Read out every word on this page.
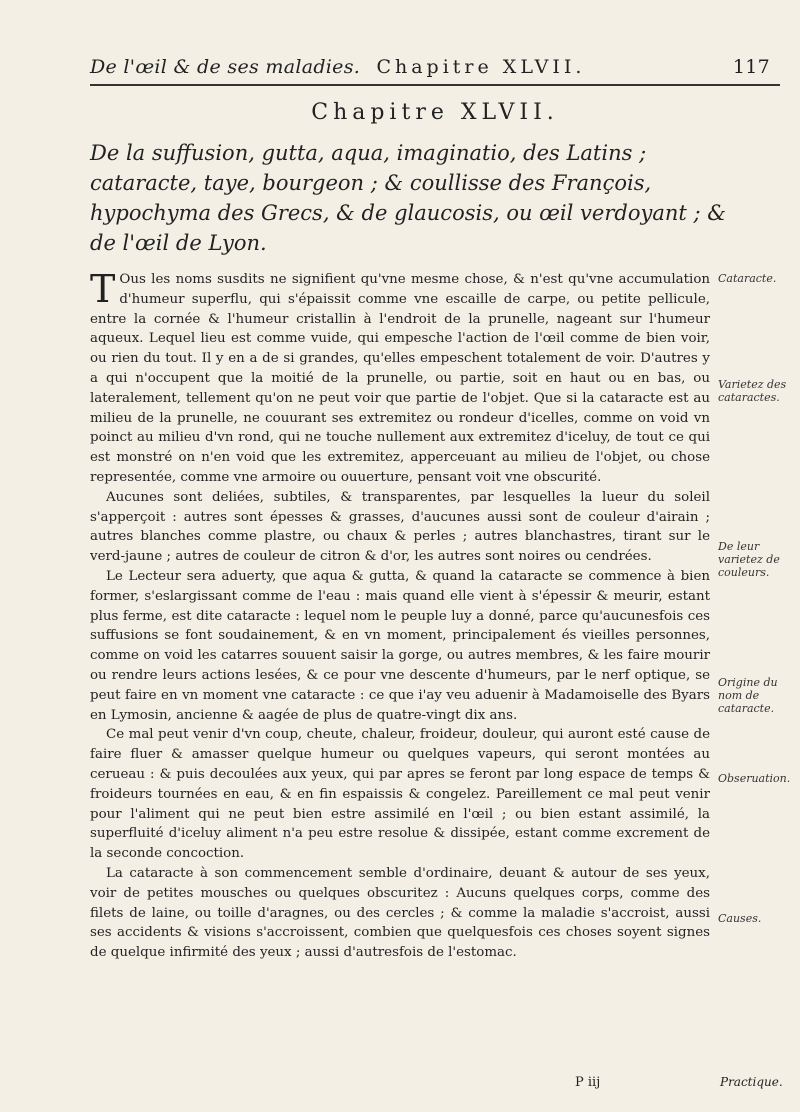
De l'œil & de ses maladies. Chapitre XLVII.	117
Chapitre XLVII.
De la suffusion, gutta, aqua, imaginatio, des Latins ; cataracte, taye, bourgeon ; & coullisse des François, hypochyma des Grecs, & de glaucosis, ou œil verdoyant ; & de l'œil de Lyon.

T Ous les noms susdits ne signifient qu'vne mesme chose, & n'est qu'vne accumulation d'humeur superflu, qui s'épaissit comme vne escaille de carpe, ou petite pellicule, entre la cornée & l'humeur cristallin à l'endroit de la prunelle, nageant sur l'humeur aqueux. Lequel lieu est comme vuide, qui empesche l'action de l'œil comme de bien voir, ou rien du tout. Il y en a de si grandes, qu'elles empeschent totalement de voir. D'autres y a qui n'occupent que la moitié de la prunelle, ou partie, soit en haut ou en bas, ou lateralement, tellement qu'on ne peut voir que partie de l'objet. Que si la cataracte est au milieu de la prunelle, ne couurant ses extremitez ou rondeur d'icelles, comme on void vn poinct au milieu d'vn rond, qui ne touche nullement aux extremitez d'iceluy, de tout ce qui est monstré on n'en void que les extremitez, apperceuant au milieu de l'objet, ou chose representée, comme vne armoire ou ouuerture, pensant voit vne obscurité.

Aucunes sont deliées, subtiles, & transparentes, par lesquelles la lueur du soleil s'apperçoit : autres sont épesses & grasses, d'aucunes aussi sont de couleur d'airain ; autres blanches comme plastre, ou chaux & perles ; autres blanchastres, tirant sur le verd-jaune ; autres de couleur de citron & d'or, les autres sont noires ou cendrées.

Le Lecteur sera aduerty, que aqua & gutta, & quand la cataracte se commence à bien former, s'eslargissant comme de l'eau : mais quand elle vient à s'épessir & meurir, estant plus ferme, est dite cataracte : lequel nom le peuple luy a donné, parce qu'aucunesfois ces suffusions se font soudainement, & en vn moment, principalement és vieilles personnes, comme on void les catarres souuent saisir la gorge, ou autres membres, & les faire mourir ou rendre leurs actions lesées, & ce pour vne descente d'humeurs, par le nerf optique, se peut faire en vn moment vne cataracte : ce que i'ay veu aduenir à Madamoiselle des Byars en Lymosin, ancienne & aagée de plus de quatre-vingt dix ans.

Ce mal peut venir d'vn coup, cheute, chaleur, froideur, douleur, qui auront esté cause de faire fluer & amasser quelque humeur ou quelques vapeurs, qui seront montées au cerueau : & puis decoulées aux yeux, qui par apres se feront par long espace de temps & froideurs tournées en eau, & en fin espaissis & congelez. Pareillement ce mal peut venir pour l'aliment qui ne peut bien estre assimilé en l'œil ; ou bien estant assimilé, la superfluité d'iceluy aliment n'a peu estre resolue & dissipée, estant comme excrement de la seconde concoction.

La cataracte à son commencement semble d'ordinaire, deuant & autour de ses yeux, voir de petites mousches ou quelques obscuritez : Aucuns quelques corps, comme des filets de laine, ou toille d'aragnes, ou des cercles ; & comme la maladie s'accroist, aussi ses accidents & visions s'accroissent, combien que quelquesfois ces choses soyent signes de quelque infirmité des yeux ; aussi d'autresfois de l'estomac.

Cataracte.
Varietez des cataractes.
De leur varietez de couleurs.
Origine du nom de cataracte.
Obseruation.
Causes.
P iij	Practique.
